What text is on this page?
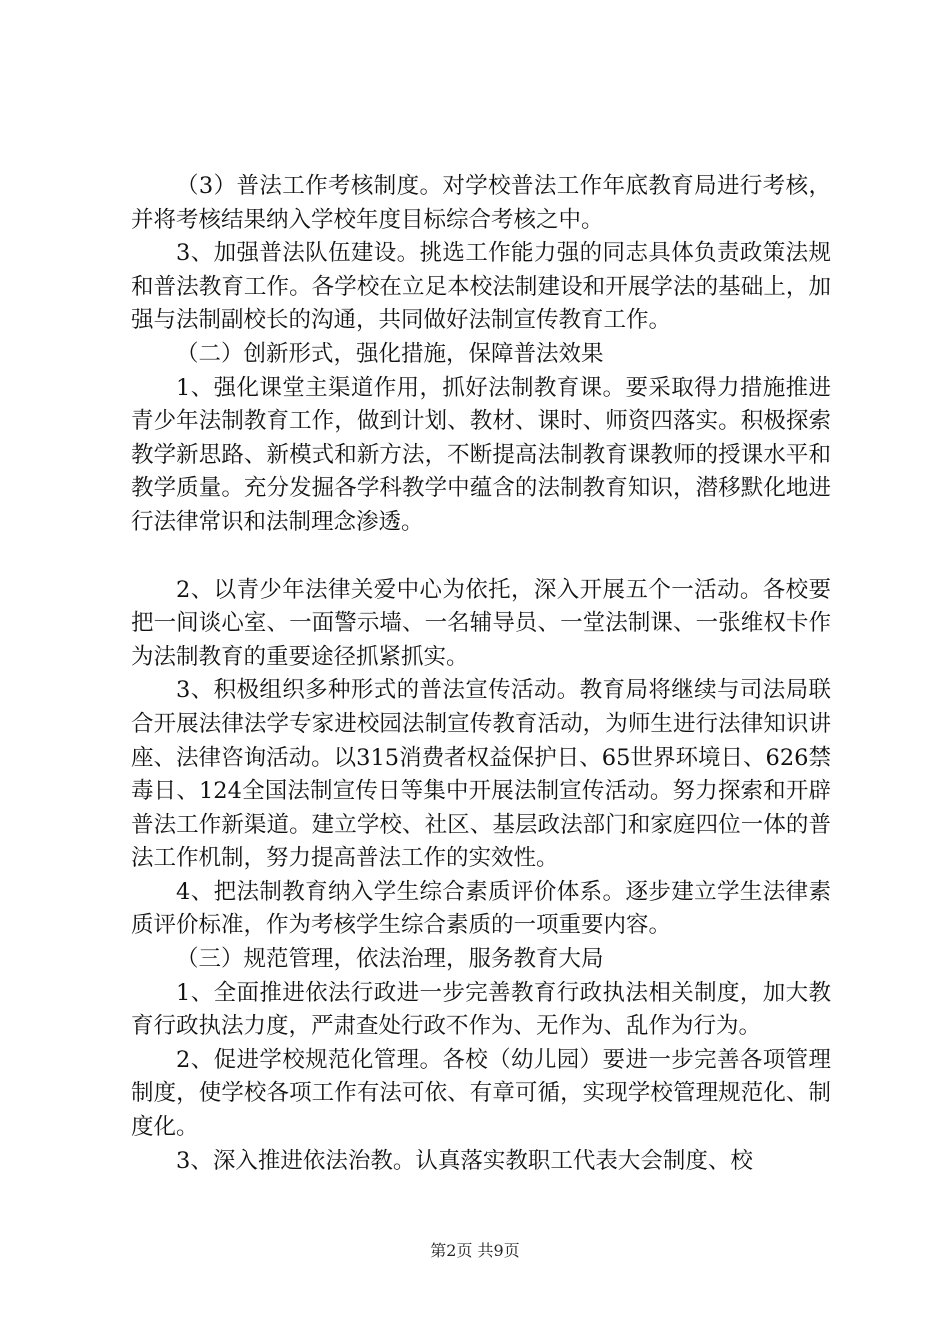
（3）普法工作考核制度。对学校普法工作年底教育局进行考核，并将考核结果纳入学校年度目标综合考核之中。

3、加强普法队伍建设。挑选工作能力强的同志具体负责政策法规和普法教育工作。各学校在立足本校法制建设和开展学法的基础上，加强与法制副校长的沟通，共同做好法制宣传教育工作。

（二）创新形式，强化措施，保障普法效果

1、强化课堂主渠道作用，抓好法制教育课。要采取得力措施推进青少年法制教育工作，做到计划、教材、课时、师资四落实。积极探索教学新思路、新模式和新方法，不断提高法制教育课教师的授课水平和教学质量。充分发掘各学科教学中蕴含的法制教育知识，潜移默化地进行法律常识和法制理念渗透。

2、以青少年法律关爱中心为依托，深入开展五个一活动。各校要把一间谈心室、一面警示墙、一名辅导员、一堂法制课、一张维权卡作为法制教育的重要途径抓紧抓实。

3、积极组织多种形式的普法宣传活动。教育局将继续与司法局联合开展法律法学专家进校园法制宣传教育活动，为师生进行法律知识讲座、法律咨询活动。以315消费者权益保护日、65世界环境日、626禁毒日、124全国法制宣传日等集中开展法制宣传活动。努力探索和开辟普法工作新渠道。建立学校、社区、基层政法部门和家庭四位一体的普法工作机制，努力提高普法工作的实效性。

4、把法制教育纳入学生综合素质评价体系。逐步建立学生法律素质评价标准，作为考核学生综合素质的一项重要内容。

（三）规范管理，依法治理，服务教育大局

1、全面推进依法行政进一步完善教育行政执法相关制度，加大教育行政执法力度，严肃查处行政不作为、无作为、乱作为行为。

2、促进学校规范化管理。各校（幼儿园）要进一步完善各项管理制度，使学校各项工作有法可依、有章可循，实现学校管理规范化、制度化。

3、深入推进依法治教。认真落实教职工代表大会制度、校

第2页 共9页
